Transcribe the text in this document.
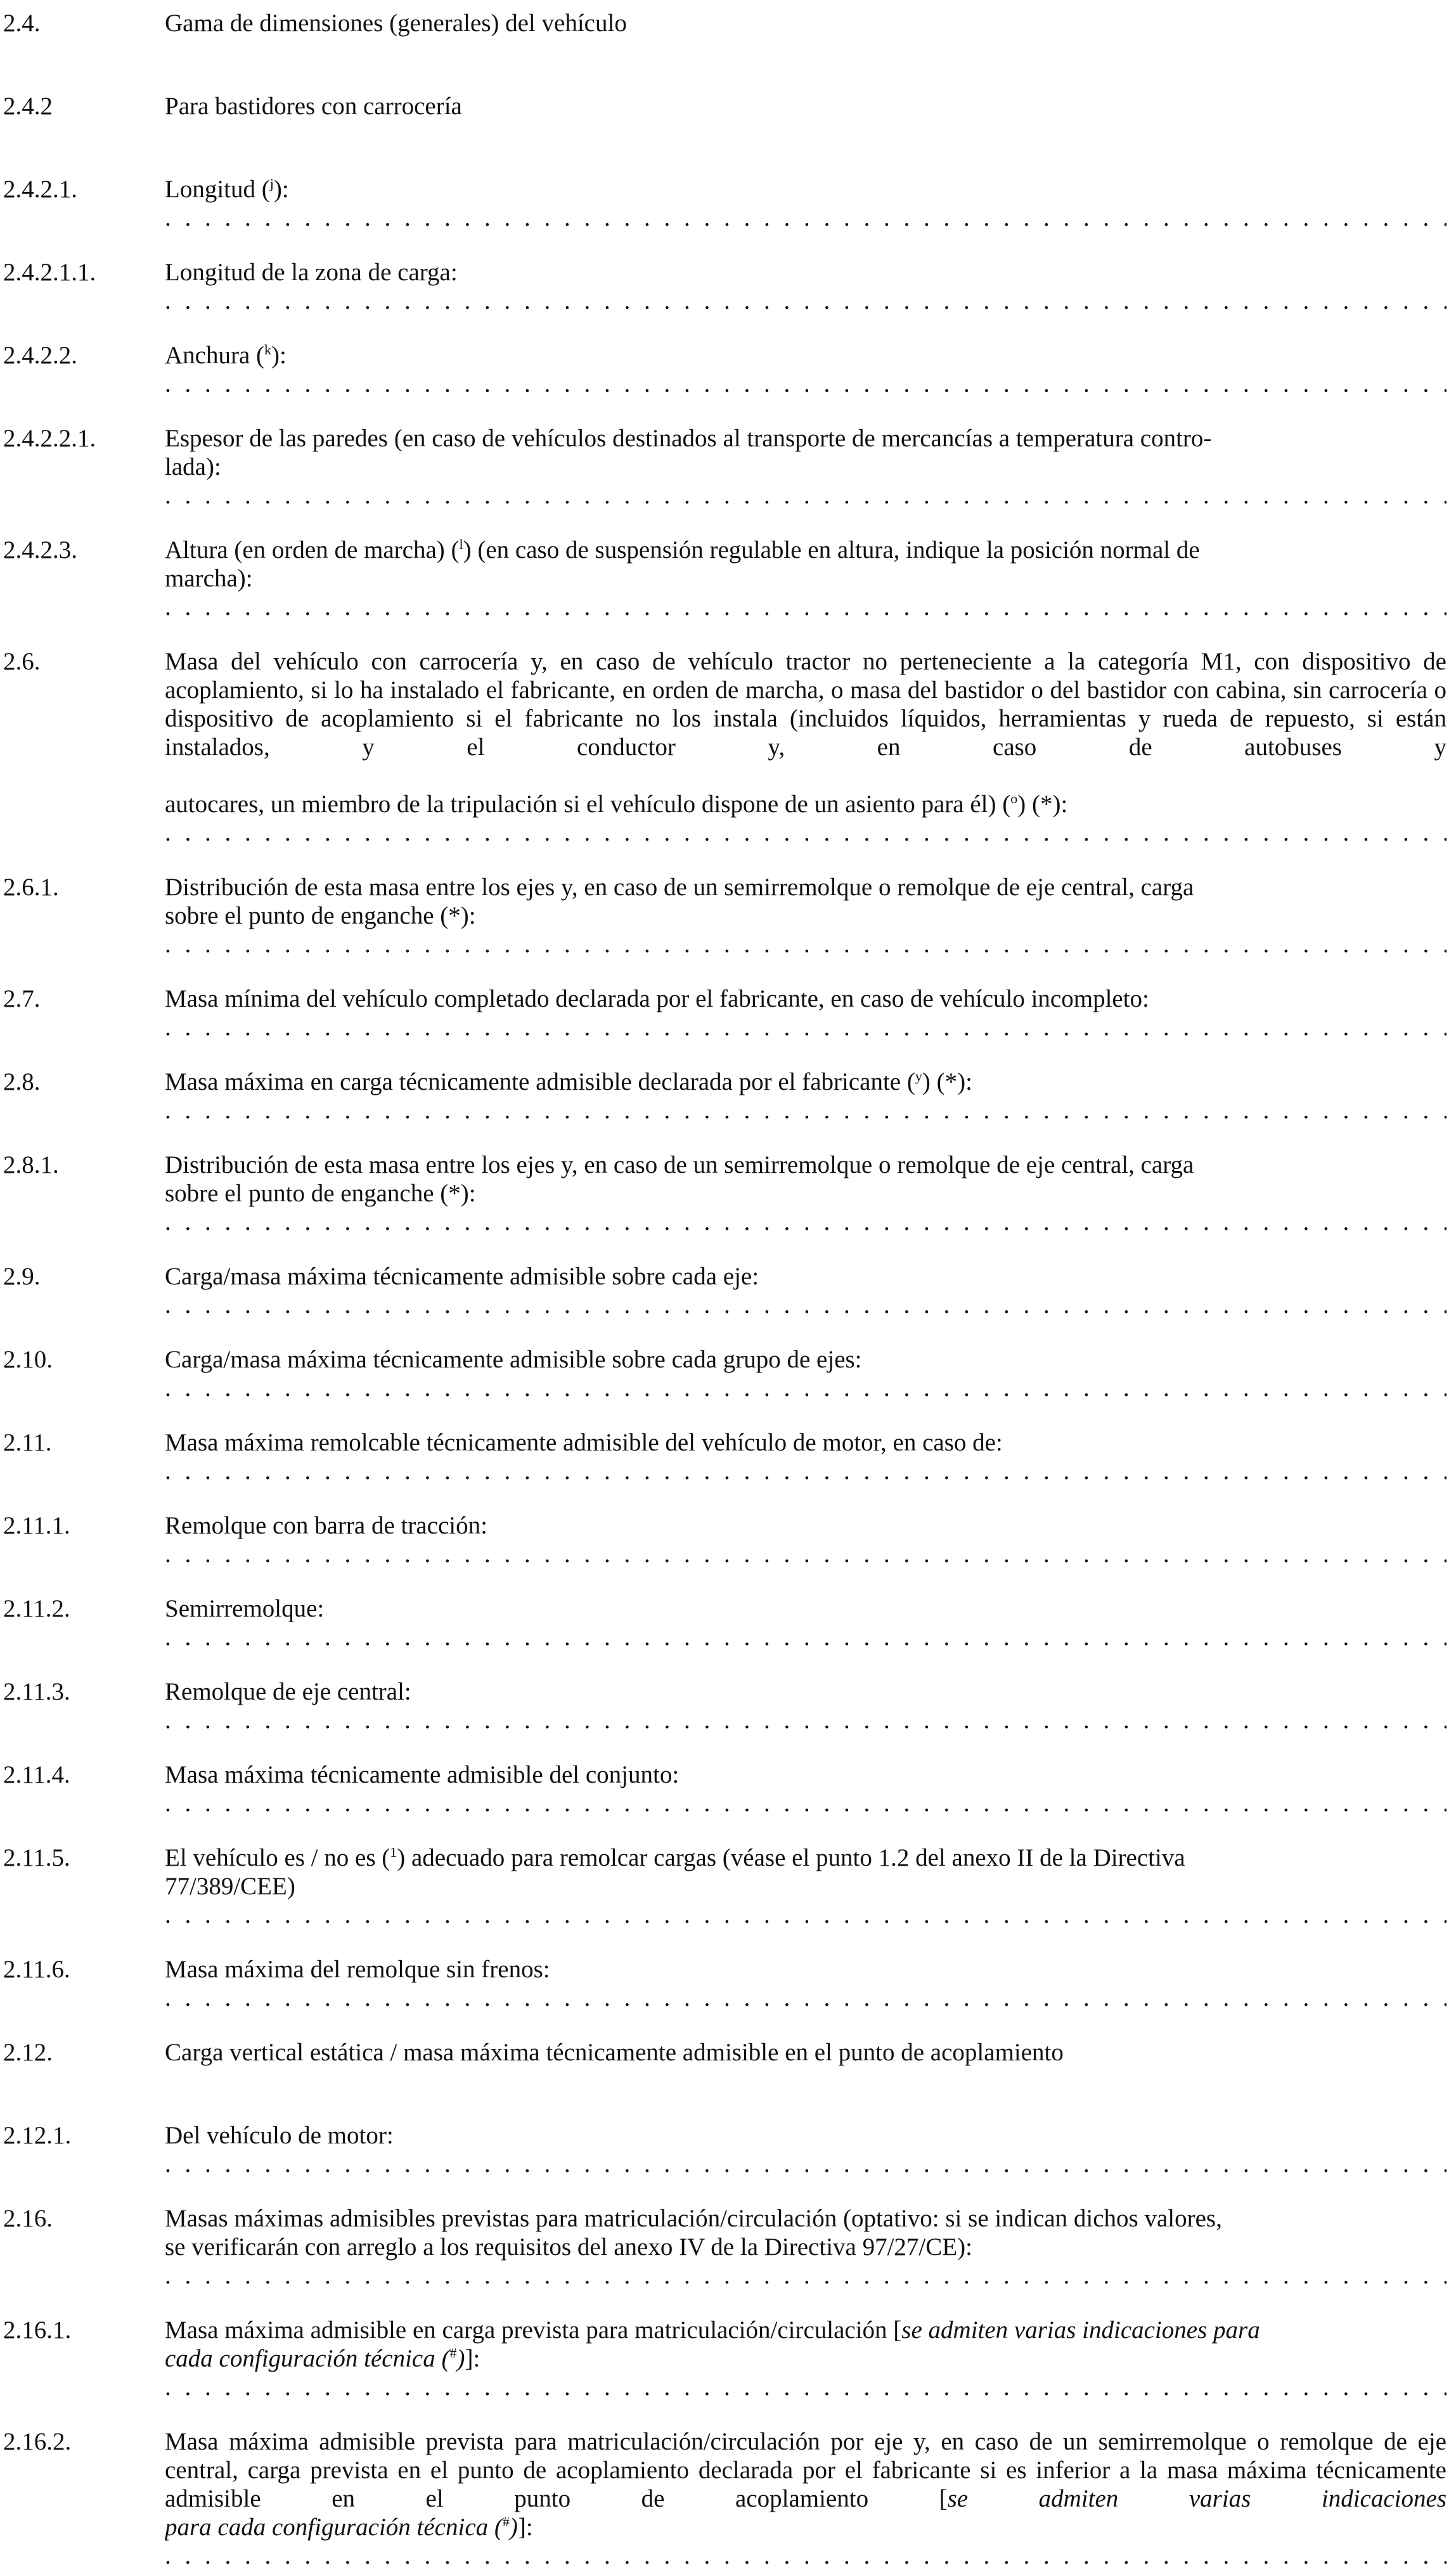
2.4.	Gama de dimensiones (generales) del vehículo
2.4.2	Para bastidores con carrocería
2.4.2.1.	Longitud ($^j$): . . .
2.4.2.1.1.	Longitud de la zona de carga: . . .
2.4.2.2.	Anchura ($^k$): . . .
2.4.2.2.1.	Espesor de las paredes (en caso de vehículos destinados al transporte de mercancías a temperatura contro-
lada): . . .
2.4.2.3.	Altura (en orden de marcha) ($^l$) (en caso de suspensión regulable en altura, indique la posición normal de
marcha): . . .
2.6.	Masa del vehículo con carrocería y, en caso de vehículo tractor no perteneciente a la categoría M1, con dispositivo de acoplamiento, si lo ha instalado el fabricante, en orden de marcha, o masa del bastidor o del bastidor con cabina, sin carrocería o dispositivo de acoplamiento si el fabricante no los instala (incluidos líquidos, herramientas y rueda de repuesto, si están instalados, y el conductor y, en caso de autobuses y
autocares, un miembro de la tripulación si el vehículo dispone de un asiento para él) ($^o$) (*): . . .
2.6.1.	Distribución de esta masa entre los ejes y, en caso de un semirremolque o remolque de eje central, carga
sobre el punto de enganche (*): . . .
2.7.	Masa mínima del vehículo completado declarada por el fabricante, en caso de vehículo incompleto: . . .
2.8.	Masa máxima en carga técnicamente admisible declarada por el fabricante ($^y$) (*): . . .
2.8.1.	Distribución de esta masa entre los ejes y, en caso de un semirremolque o remolque de eje central, carga
sobre el punto de enganche (*): . . .
2.9.	Carga/masa máxima técnicamente admisible sobre cada eje: . . .
2.10.	Carga/masa máxima técnicamente admisible sobre cada grupo de ejes: . . .
2.11.	Masa máxima remolcable técnicamente admisible del vehículo de motor, en caso de: . . .
2.11.1.	Remolque con barra de tracción: . . .
2.11.2.	Semirremolque: . . .
2.11.3.	Remolque de eje central: . . .
2.11.4.	Masa máxima técnicamente admisible del conjunto: . . .
2.11.5.	El vehículo es / no es ($^1$) adecuado para remolcar cargas (véase el punto 1.2 del anexo II de la Directiva
77/389/CEE) . . .
2.11.6.	Masa máxima del remolque sin frenos: . . .
2.12.	Carga vertical estática / masa máxima técnicamente admisible en el punto de acoplamiento
2.12.1.	Del vehículo de motor: . . .
2.16.	Masas máximas admisibles previstas para matriculación/circulación (optativo: si se indican dichos valores,
se verificarán con arreglo a los requisitos del anexo IV de la Directiva 97/27/CE): . . .
2.16.1.	Masa máxima admisible en carga prevista para matriculación/circulación [se admiten varias indicaciones para
cada configuración técnica (#)]: . . .
2.16.2.	Masa máxima admisible prevista para matriculación/circulación por eje y, en caso de un semirremolque o remolque de eje central, carga prevista en el punto de acoplamiento declarada por el fabricante si es inferior a la masa máxima técnicamente admisible en el punto de acoplamiento [se admiten varias indicaciones
para cada configuración técnica (#)]: . . .
